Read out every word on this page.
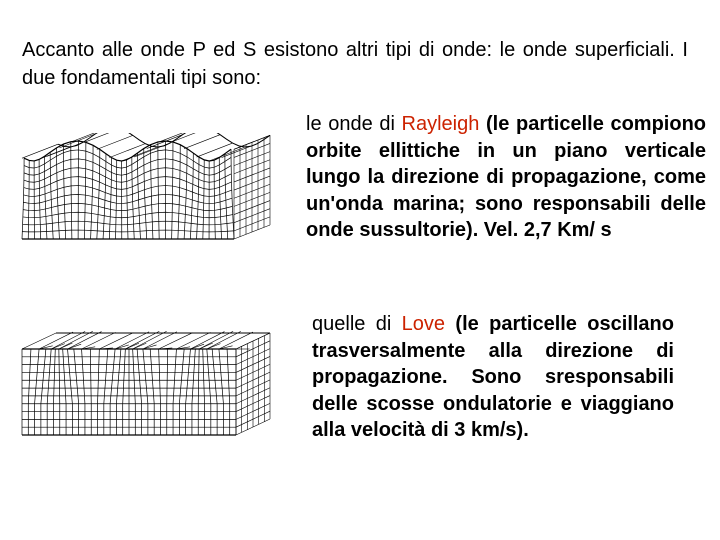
Accanto alle onde P ed S esistono altri tipi di onde: le onde superficiali. I due fondamentali tipi sono:
le onde di Rayleigh (le particelle compiono orbite ellittiche in un piano verticale lungo la direzione di propagazione, come un'onda marina; sono responsabili delle onde sussultorie). Vel. 2,7 Km/ s
quelle di Love (le particelle oscillano trasversalmente alla direzione di propagazione. Sono sresponsabili delle scosse ondulatorie e viaggiano alla velocità di 3 km/s).
